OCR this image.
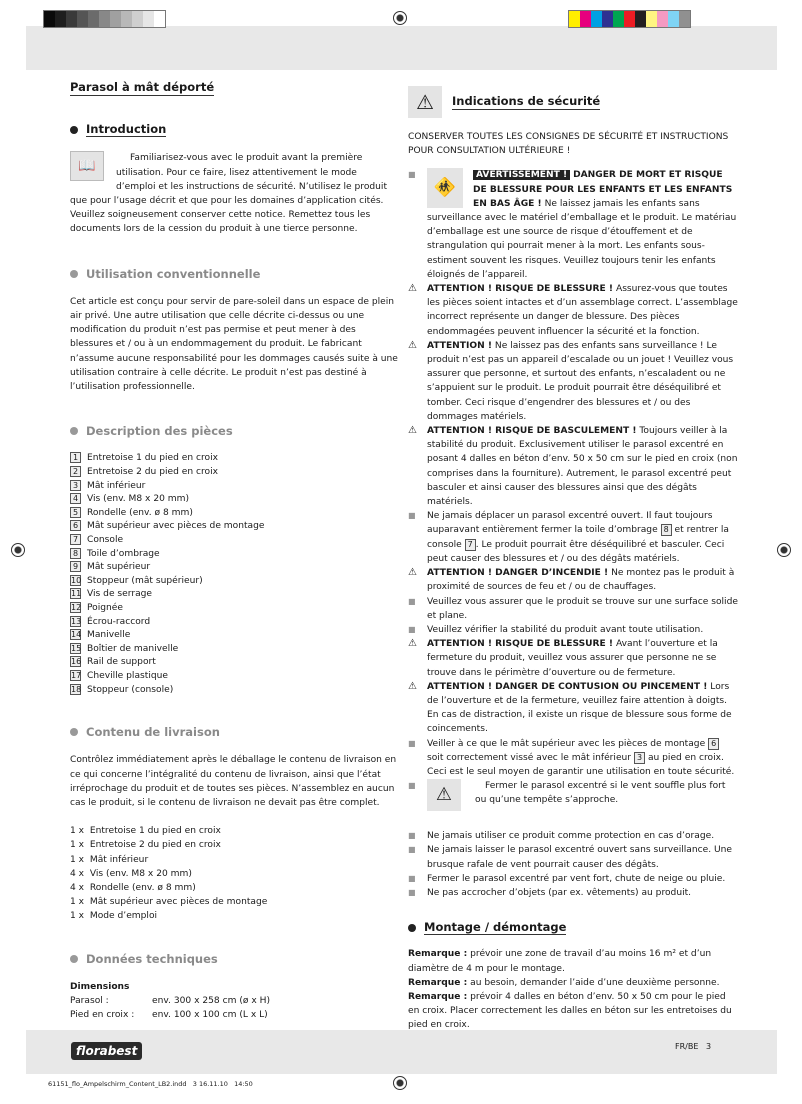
Parasol à mât déporté
Introduction
📖	Familiarisez-vous avec le produit avant la première utilisation. Pour ce faire, lisez attentivement le mode d’emploi et les instructions de sécurité. N’utilisez le produit que pour l’usage décrit et que pour les domaines d’application cités. Veuillez soigneusement conserver cette notice. Remettez tous les documents lors de la cession du produit à une tierce personne.

Utilisation conventionnelle

Cet article est conçu pour servir de pare-soleil dans un espace de plein air privé. Une autre utilisation que celle décrite ci-dessus ou une modification du produit n’est pas permise et peut mener à des blessures et / ou à un endommagement du produit. Le fabricant n’assume aucune responsabilité pour les dommages causés suite à une utilisation contraire à celle décrite. Le produit n’est pas destiné à l’utilisation professionnelle.

Description des pièces
1 Entretoise 1 du pied en croix
2 Entretoise 2 du pied en croix
3 Mât inférieur
4 Vis (env. M8 x 20 mm)
5 Rondelle (env. ø 8 mm)
6 Mât supérieur avec pièces de montage
7 Console
8 Toile d’ombrage
9 Mât supérieur
10 Stoppeur (mât supérieur)
11 Vis de serrage
12 Poignée
13 Écrou-raccord
14 Manivelle
15 Boîtier de manivelle
16 Rail de support
17 Cheville plastique
18 Stoppeur (console)
Contenu de livraison

Contrôlez immédiatement après le déballage le contenu de livraison en ce qui concerne l’intégralité du contenu de livraison, ainsi que l’état irréprochage du produit et de toutes ses pièces. N’assemblez en aucun cas le produit, si le contenu de livraison ne devait pas être complet.

1 x Entretoise 1 du pied en croix
1 x Entretoise 2 du pied en croix
1 x Mât inférieur
4 x Vis (env. M8 x 20 mm)
4 x Rondelle (env. ø 8 mm)
1 x Mât supérieur avec pièces de montage
1 x Mode d’emploi
Données techniques
Dimensions
Parasol :	env. 300 x 258 cm (ø x H)
Pied en croix : env. 100 x 100 cm (L x L)
⚠	Indications de sécurité

CONSERVER TOUTES LES CONSIGNES DE SÉCURITÉ ET INSTRUCTIONS POUR CONSULTATION ULTÉRIEURE !

■
🚸
AVERTISSEMENT ! DANGER DE MORT ET RISQUE DE BLESSURE POUR LES ENFANTS ET LES ENFANTS EN BAS ÂGE ! Ne laissez jamais les enfants sans surveillance avec le matériel d’emballage et le produit. Le matériau d’emballage est une source de risque d’étouffement et de strangulation qui pourrait mener à la mort. Les enfants sous-estiment souvent les risques. Veuillez toujours tenir les enfants éloignés de l’appareil.
⚠	ATTENTION ! RISQUE DE BLESSURE ! Assurez-vous que toutes les pièces soient intactes et d’un assemblage correct. L’assemblage incorrect représente un danger de blessure. Des pièces endommagées peuvent influencer la sécurité et la fonction.
⚠	ATTENTION ! Ne laissez pas des enfants sans surveillance ! Le produit n’est pas un appareil d’escalade ou un jouet ! Veuillez vous assurer que personne, et surtout des enfants, n’escaladent ou ne s’appuient sur le produit. Le produit pourrait être déséquilibré et tomber. Ceci risque d’engendrer des blessures et / ou des dommages matériels.
⚠	ATTENTION ! RISQUE DE BASCULEMENT ! Toujours veiller à la stabilité du produit. Exclusivement utiliser le parasol excentré en posant 4 dalles en béton d’env. 50 x 50 cm sur le pied en croix (non comprises dans la fourniture). Autrement, le parasol excentré peut basculer et ainsi causer des blessures ainsi que des dégâts matériels.
■	Ne jamais déplacer un parasol excentré ouvert. Il faut toujours auparavant entièrement fermer la toile d’ombrage 8 et rentrer la console 7 . Le produit pourrait être déséquilibré et basculer. Ceci peut causer des blessures et / ou des dégâts matériels.
⚠	ATTENTION ! DANGER D’INCENDIE ! Ne montez pas le produit à proximité de sources de feu et / ou de chauffages.
■	Veuillez vous assurer que le produit se trouve sur une surface solide et plane.
■	Veuillez vérifier la stabilité du produit avant toute utilisation.
⚠	ATTENTION ! RISQUE DE BLESSURE ! Avant l’ouverture et la fermeture du produit, veuillez vous assurer que personne ne se trouve dans le périmètre d’ouverture ou de fermeture.
⚠	ATTENTION ! DANGER DE CONTUSION OU PINCEMENT ! Lors de l’ouverture et de la fermeture, veuillez faire attention à doigts. En cas de distraction, il existe un risque de blessure sous forme de coincements.
■	Veiller à ce que le mât supérieur avec les pièces de montage 6 soit correctement vissé avec le mât inférieur 3 au pied en croix. Ceci est le seul moyen de garantir une utilisation en toute sécurité.
■	⚠	Fermer le parasol excentré si le vent souffle plus fort ou qu’une tempête s’approche.
■	Ne jamais utiliser ce produit comme protection en cas d’orage.
■	Ne jamais laisser le parasol excentré ouvert sans surveillance. Une brusque rafale de vent pourrait causer des dégâts.
■	Fermer le parasol excentré par vent fort, chute de neige ou pluie.
■	Ne pas accrocher d’objets (par ex. vêtements) au produit.
Montage / démontage
Remarque : prévoir une zone de travail d’au moins 16 m² et d’un diamètre de 4 m pour le montage.
Remarque : au besoin, demander l’aide d’une deuxième personne.
Remarque : prévoir 4 dalles en béton d’env. 50 x 50 cm pour le pied en croix. Placer correctement les dalles en béton sur les entretoises du pied en croix.
florabest	FR/BE 3
61151_flo_Ampelschirm_Content_LB2.indd   3 16.11.10   14:50
